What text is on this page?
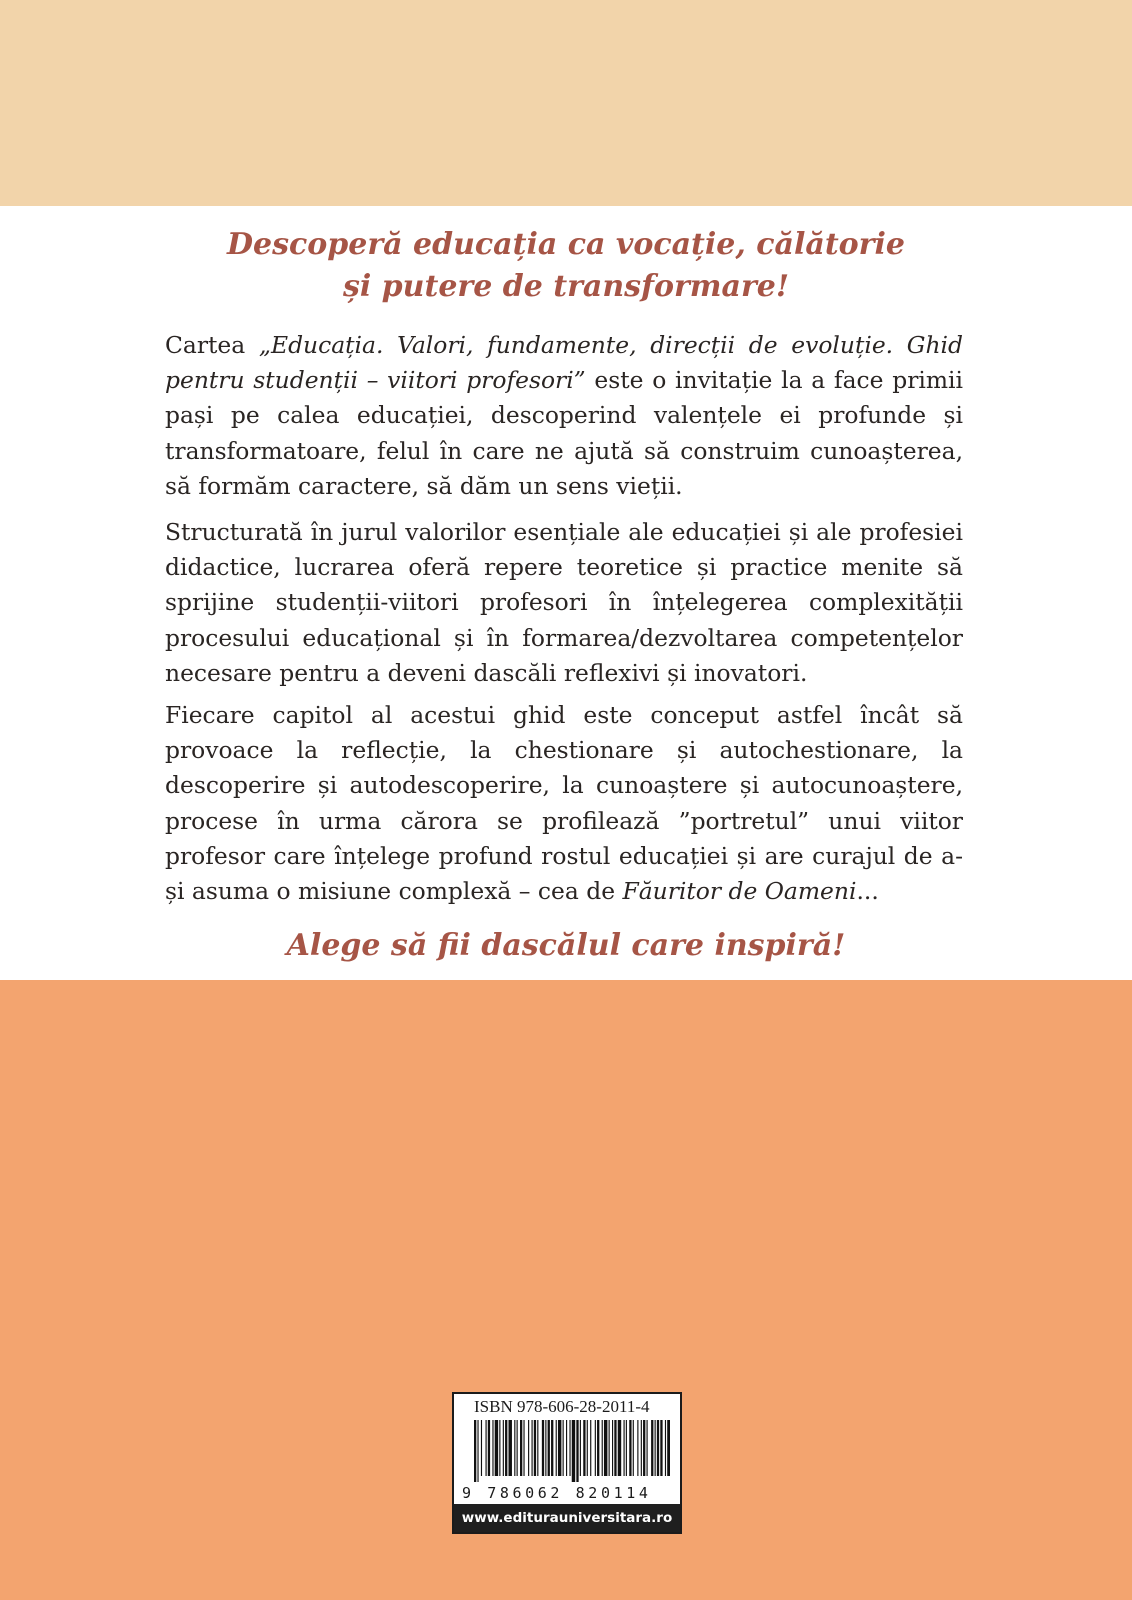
Descoperă educația ca vocație, călătorie
și putere de transformare!

Cartea „Educația. Valori, fundamente, direcții de evoluție. Ghid pentru studenții – viitori profesori” este o invitație la a face primii pași pe calea educației, descoperind valențele ei profunde și transformatoare, felul în care ne ajută să construim cunoașterea, să formăm caractere, să dăm un sens vieții.

Structurată în jurul valorilor esențiale ale educației și ale profesiei didactice, lucrarea oferă repere teoretice și practice menite să sprijine studenții-viitori profesori în înțelegerea complexității procesului educațional și în formarea/dezvoltarea competențelor necesare pentru a deveni dascăli reflexivi și inovatori.

Fiecare capitol al acestui ghid este conceput astfel încât să provoace la reflecție, la chestionare și autochestionare, la descoperire și autodescoperire, la cunoaștere și autocunoaștere, procese în urma cărora se profilează ”portretul” unui viitor profesor care înțelege profund rostul educației și are curajul de a-și asuma o misiune complexă – cea de Făuritor de Oameni...

Alege să fii dascălul care inspiră!
ISBN 978-606-28-2011-4
9 786062 820114
www.editurauniversitara.ro
